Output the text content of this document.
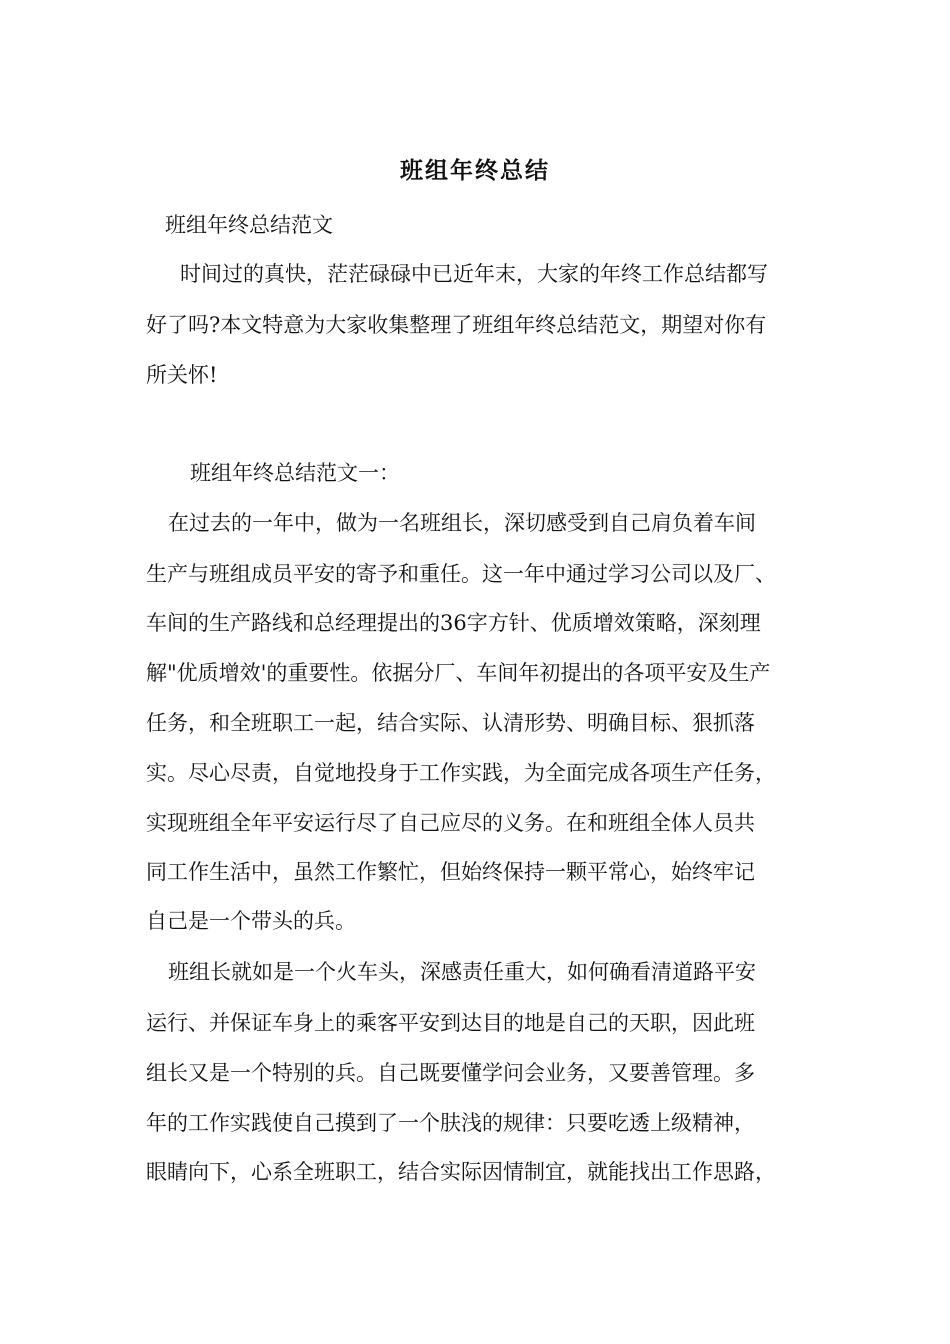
班组年终总结
班组年终总结范文
时间过的真快，茫茫碌碌中已近年末，大家的年终工作总结都写
好了吗?本文特意为大家收集整理了班组年终总结范文，期望对你有
所关怀!
班组年终总结范文一：
在过去的一年中，做为一名班组长，深切感受到自己肩负着车间
生产与班组成员平安的寄予和重任。这一年中通过学习公司以及厂、
车间的生产路线和总经理提出的36字方针、优质增效策略，深刻理
解"优质增效'的重要性。依据分厂、车间年初提出的各项平安及生产
任务，和全班职工一起，结合实际、认清形势、明确目标、狠抓落
实。尽心尽责，自觉地投身于工作实践，为全面完成各项生产任务，
实现班组全年平安运行尽了自己应尽的义务。在和班组全体人员共
同工作生活中，虽然工作繁忙，但始终保持一颗平常心，始终牢记
自己是一个带头的兵。
班组长就如是一个火车头，深感责任重大，如何确看清道路平安
运行、并保证车身上的乘客平安到达目的地是自己的天职，因此班
组长又是一个特别的兵。自己既要懂学问会业务，又要善管理。多
年的工作实践使自己摸到了一个肤浅的规律：只要吃透上级精神，
眼睛向下，心系全班职工，结合实际因情制宜，就能找出工作思路，
